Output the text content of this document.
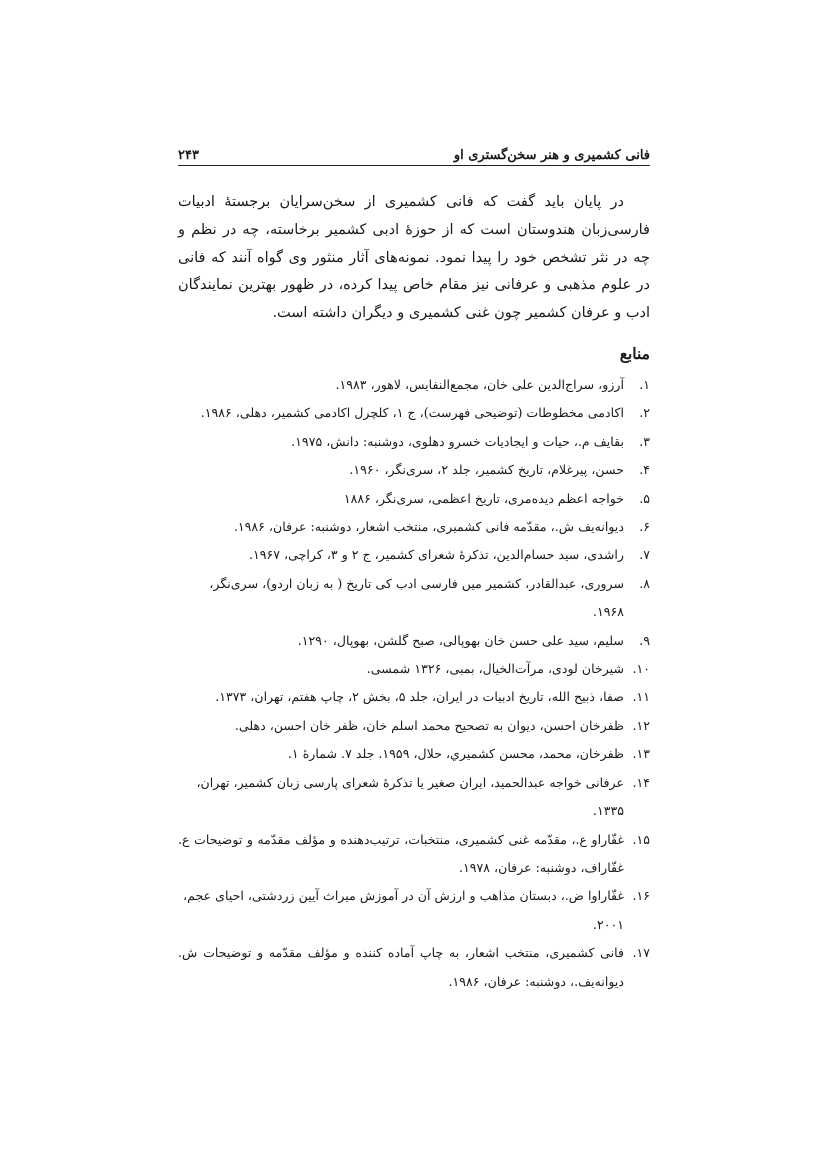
فانی کشمیری و هنر سخن‌گستری او
۲۴۳

در پایان باید گفت که فانی کشمیری از سخن‌سرایان برجستهٔ ادبیات فارسی‌زبان هندوستان است که از حوزهٔ ادبی کشمیر برخاسته، چه در نظم و چه در نثر تشخص خود را پیدا نمود. نمونه‌های آثار منثور وی گواه آنند که فانی در علوم مذهبی و عرفانی نیز مقام خاص پیدا کرده، در ظهور بهترین نمایندگان ادب و عرفان کشمیر چون غنی کشمیری و دیگران داشته است.

منابع
۱.
آرزو، سراج‌الدین علی خان، مجمع‌النفایس، لاهور، ۱۹۸۳.
۲.
اکادمی مخطوطات (توضیحی فهرست)، ج ۱، کلچرل اکادمی کشمیر، دهلی، ۱۹۸۶.
۳.
بقایف م.، حیات و ایجادیات خسرو دهلوی، دوشنبه: دانش، ۱۹۷۵.
۴.
حسن، پیرغلام، تاریخ کشمیر، جلد ۲، سری‌نگر، ۱۹۶۰.
۵.
خواجه اعظم دیده‌مری، تاریخ اعظمی، سری‌نگر، ۱۸۸۶
۶.
دیوانه‌یف ش.، مقدّمه فانی کشمیری، منتخب اشعار، دوشنبه: عرفان، ۱۹۸۶.
۷.
راشدی، سید حسام‌الدین، تذکرهٔ شعرای کشمیر، ج ۲ و ۳، کراچی، ۱۹۶۷.
۸.
سروری، عبدالقادر، کشمیر میں فارسی ادب کی تاریخ ( به زبان اردو)، سری‌نگر، ۱۹۶۸.
۹.
سلیم، سید علی حسن خان بهوپالی، صبح گلشن، بهوپال، ۱۲۹۰.
۱۰.
شیرخان لودی، مرآت‌الخیال، بمبی، ۱۳۲۶ شمسی.
۱۱.
صفا، ذبیح الله، تاریخ ادبیات در ایران، جلد ۵، بخش ۲، چاپ هفتم، تهران، ۱۳۷۳.
۱۲.
ظفرخان احسن، دیوان به تصحیح محمد اسلم خان، ظفر خان احسن، دهلی.
۱۳.
ظفرخان، محمد، محسن کشمیري، حلال، ۱۹۵۹. جلد ۷. شمارهٔ ۱.
۱۴.
عرفانی خواجه عبدالحمید، ایران صغیر یا تذکرهٔ شعرای پارسی زبان کشمیر، تهران، ۱۳۳۵.
۱۵.
غفّاراو ع.، مقدّمه غنی کشمیری، منتخبات، ترتیب‌دهنده و مؤلف مقدّمه و توضیحات ع. غفّاراف، دوشنبه: عرفان، ۱۹۷۸.
۱۶.
غفّاراوا ض.، دبستان مذاهب و ارزش آن در آموزش میراث آیین زردشتی، احیای عجم، ۲۰۰۱.
۱۷.
فانی کشمیری، منتخب اشعار، به چاپ آماده کننده و مؤلف مقدّمه و توضیحات ش. دیوانه‌یف.، دوشنبه: عرفان، ۱۹۸۶.
